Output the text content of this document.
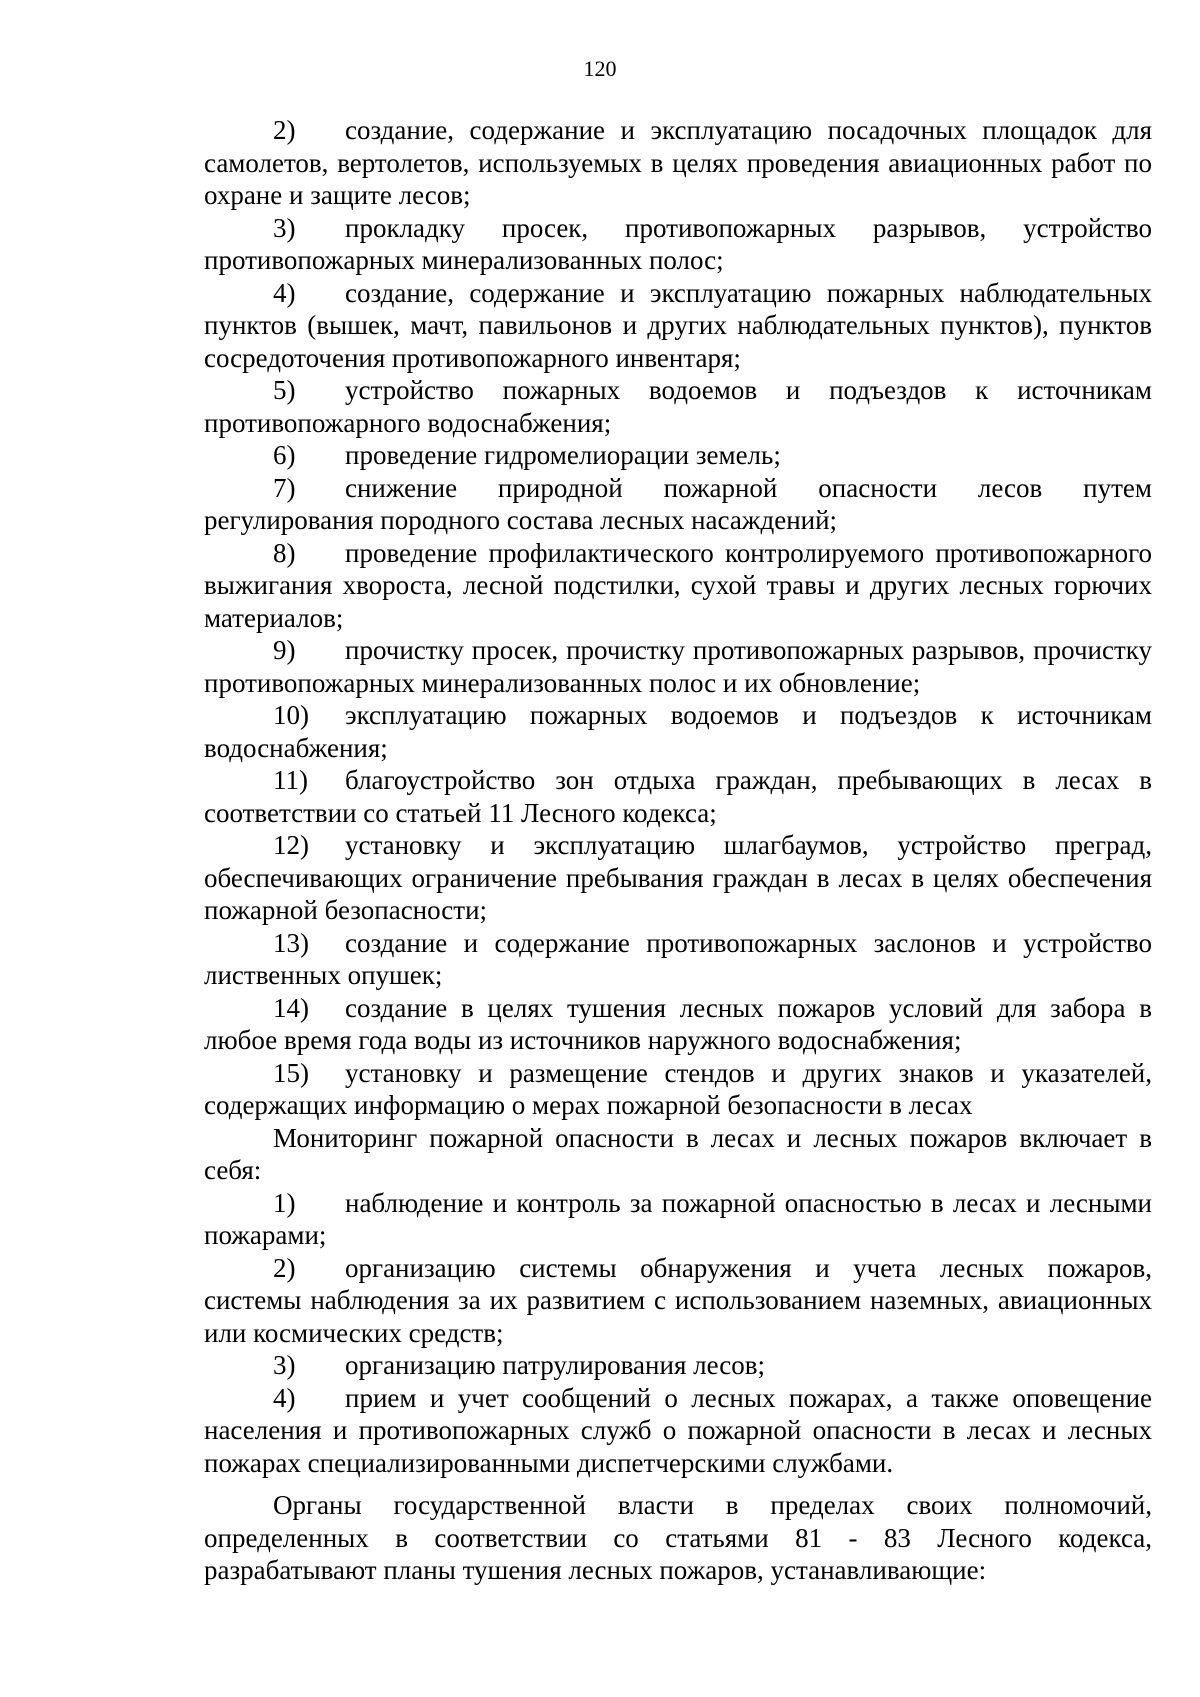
120

2) создание, содержание и эксплуатацию посадочных площадок для самолетов, вертолетов, используемых в целях проведения авиационных работ по охране и защите лесов;

3) прокладку просек, противопожарных разрывов, устройство противопожарных минерализованных полос;

4) создание, содержание и эксплуатацию пожарных наблюдательных пунктов (вышек, мачт, павильонов и других наблюдательных пунктов), пунктов сосредоточения противопожарного инвентаря;

5) устройство пожарных водоемов и подъездов к источникам противопожарного водоснабжения;

6) проведение гидромелиорации земель;

7) снижение природной пожарной опасности лесов путем регулирования породного состава лесных насаждений;

8) проведение профилактического контролируемого противопожарного выжигания хвороста, лесной подстилки, сухой травы и других лесных горючих материалов;

9) прочистку просек, прочистку противопожарных разрывов, прочистку противопожарных минерализованных полос и их обновление;

10) эксплуатацию пожарных водоемов и подъездов к источникам водоснабжения;

11) благоустройство зон отдыха граждан, пребывающих в лесах в соответствии со статьей 11 Лесного кодекса;

12) установку и эксплуатацию шлагбаумов, устройство преград, обеспечивающих ограничение пребывания граждан в лесах в целях обеспечения пожарной безопасности;

13) создание и содержание противопожарных заслонов и устройство лиственных опушек;

14) создание в целях тушения лесных пожаров условий для забора в любое время года воды из источников наружного водоснабжения;

15) установку и размещение стендов и других знаков и указателей, содержащих информацию о мерах пожарной безопасности в лесах

Мониторинг пожарной опасности в лесах и лесных пожаров включает в себя:

1) наблюдение и контроль за пожарной опасностью в лесах и лесными пожарами;

2) организацию системы обнаружения и учета лесных пожаров, системы наблюдения за их развитием с использованием наземных, авиационных или космических средств;

3) организацию патрулирования лесов;

4) прием и учет сообщений о лесных пожарах, а также оповещение населения и противопожарных служб о пожарной опасности в лесах и лесных пожарах специализированными диспетчерскими службами.

Органы государственной власти в пределах своих полномочий, определенных в соответствии со статьями 81 - 83 Лесного кодекса, разрабатывают планы тушения лесных пожаров, устанавливающие:
